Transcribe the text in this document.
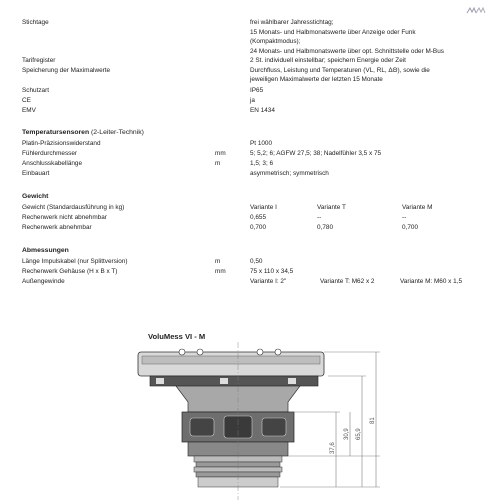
Stichtage	frei wählbarer Jahresstichtag;
15 Monats- und Halbmonatswerte über Anzeige oder Funk
(Kompaktmodus);
24 Monats- und Halbmonatswerte über opt. Schnittstelle oder M-Bus
Tarifregister	2 St. individuell einstellbar; speichern Energie oder Zeit
Speicherung der Maximalwerte	Durchfluss, Leistung und Temperaturen (VL, RL, ΔΘ), sowie die
jeweiligen Maximalwerte der letzten 15 Monate
Schutzart	IP65
CE	ja
EMV	EN 1434
Temperatursensoren (2-Leiter-Technik)
Platin-Präzisionswiderstand	Pt 1000
Fühlerdurchmesser	mm	5; 5,2; 6; AGFW 27,5; 38; Nadelfühler 3,5 x 75
Anschlusskabellänge	m	1,5; 3; 6
Einbauart	asymmetrisch; symmetrisch
Gewicht
Gewicht (Standardausführung in kg)	Variante I	Variante T	Variante M
Rechenwerk nicht abnehmbar	0,655	--	--
Rechenwerk abnehmbar	0,700	0,780	0,700
Abmessungen
Länge Impulskabel (nur Splittversion)	m	0,50
Rechenwerk Gehäuse (H x B x T)	mm	75 x 110 x 34,5
Außengewinde	Variante I: 2"	Variante T: M62 x 2	Variante M: M60 x 1,5
VoluMess VI - M
37,6
30,9 65,9
81
